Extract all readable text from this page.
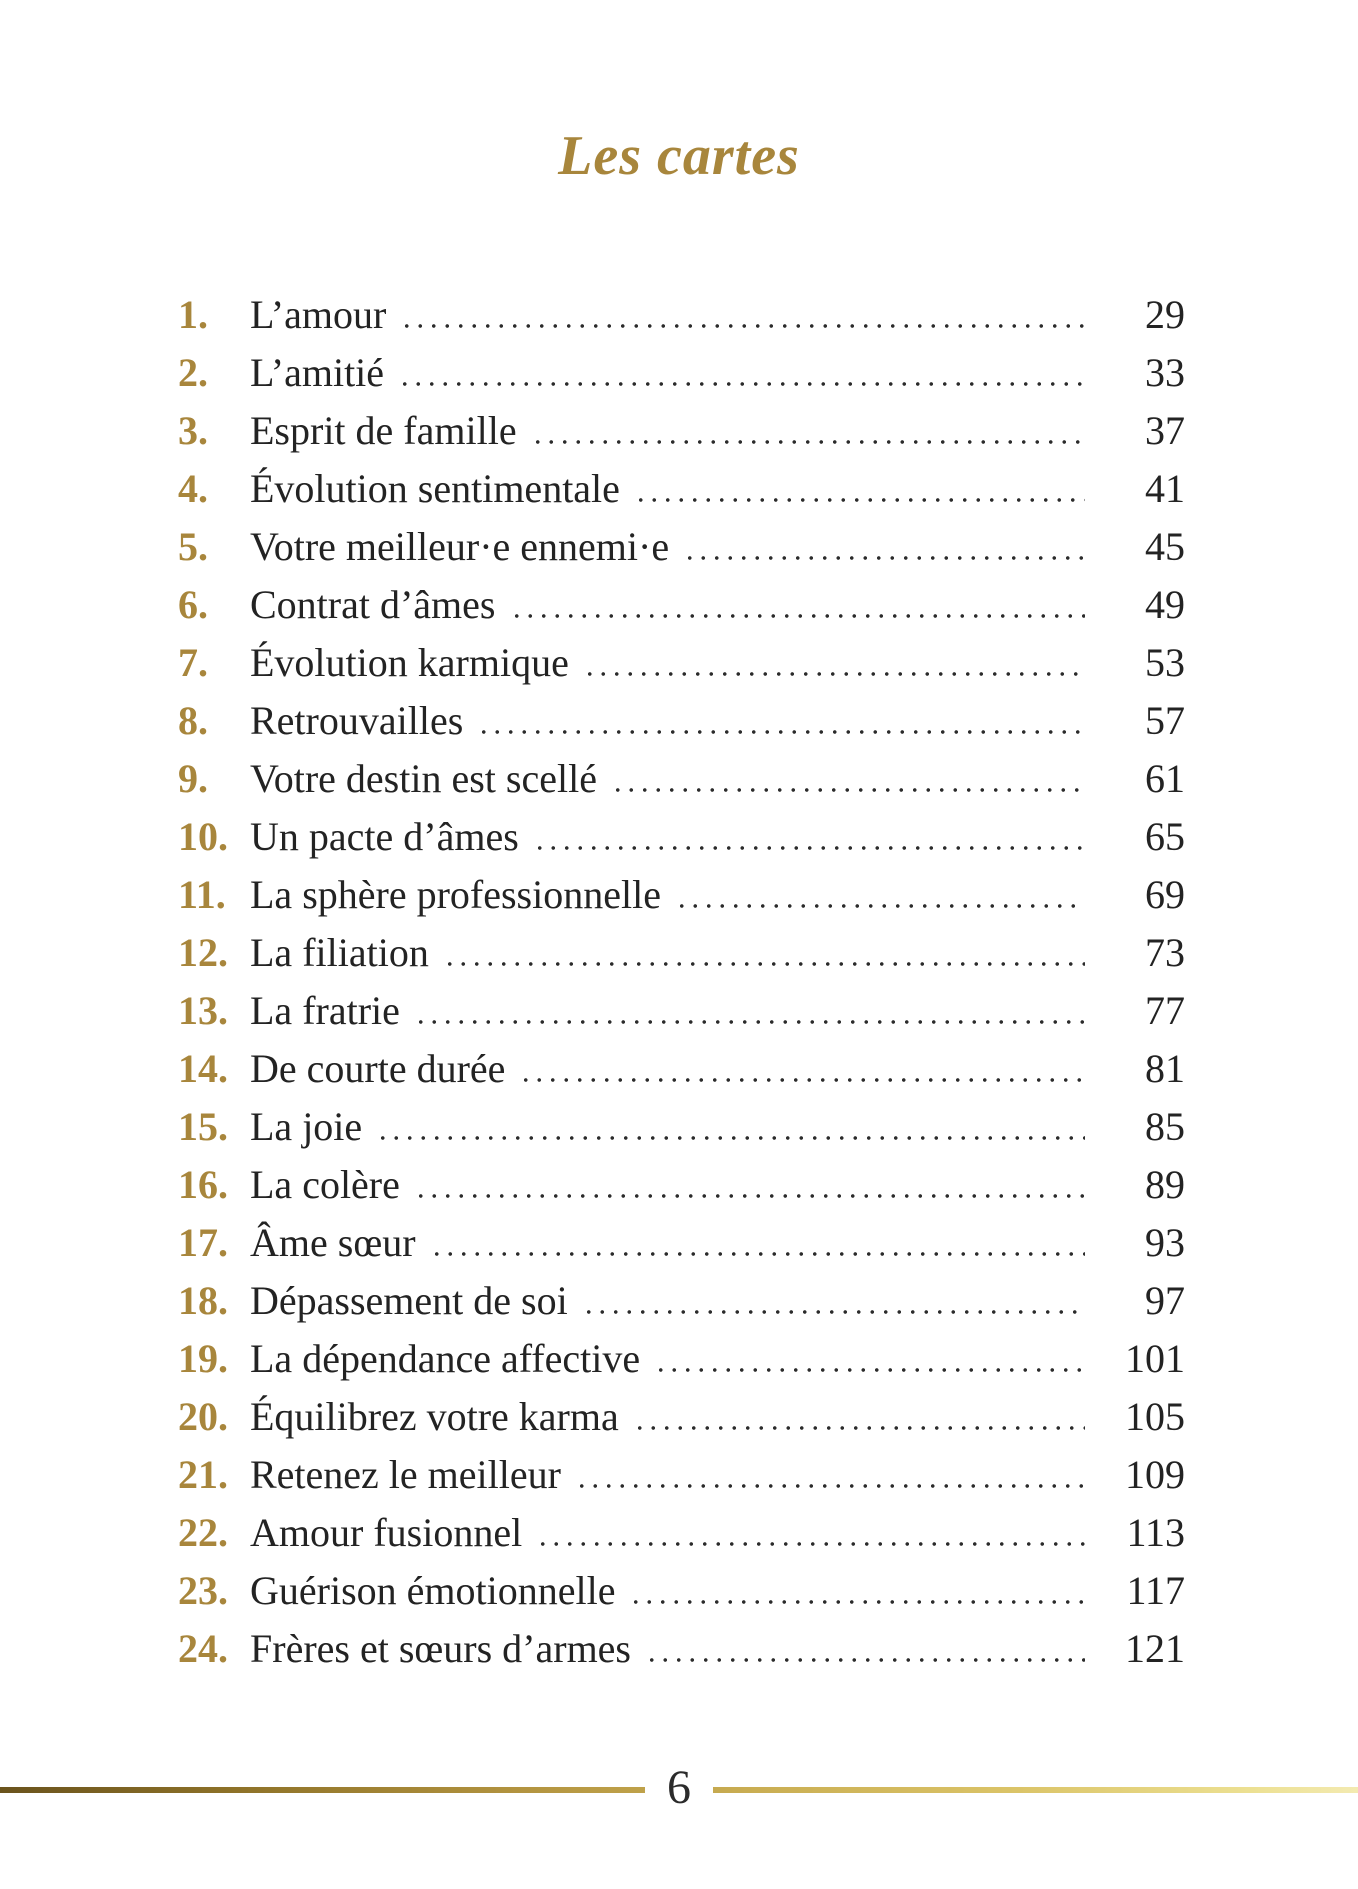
Les cartes
1.	L’amour	29
2.	L’amitié	33
3.	Esprit de famille	37
4.	Évolution sentimentale	41
5.	Votre meilleur·e ennemi·e	45
6.	Contrat d’âmes	49
7.	Évolution karmique	53
8.	Retrouvailles	57
9.	Votre destin est scellé	61
10. Un pacte d’âmes	65
11. La sphère professionnelle	69
12. La filiation	73
13. La fratrie	77
14. De courte durée	81
15. La joie	85
16. La colère	89
17. Âme sœur	93
18. Dépassement de soi	97
19. La dépendance affective	101
20. Équilibrez votre karma	105
21. Retenez le meilleur	109
22. Amour fusionnel	113
23. Guérison émotionnelle	117
24. Frères et sœurs d’armes	121
6
